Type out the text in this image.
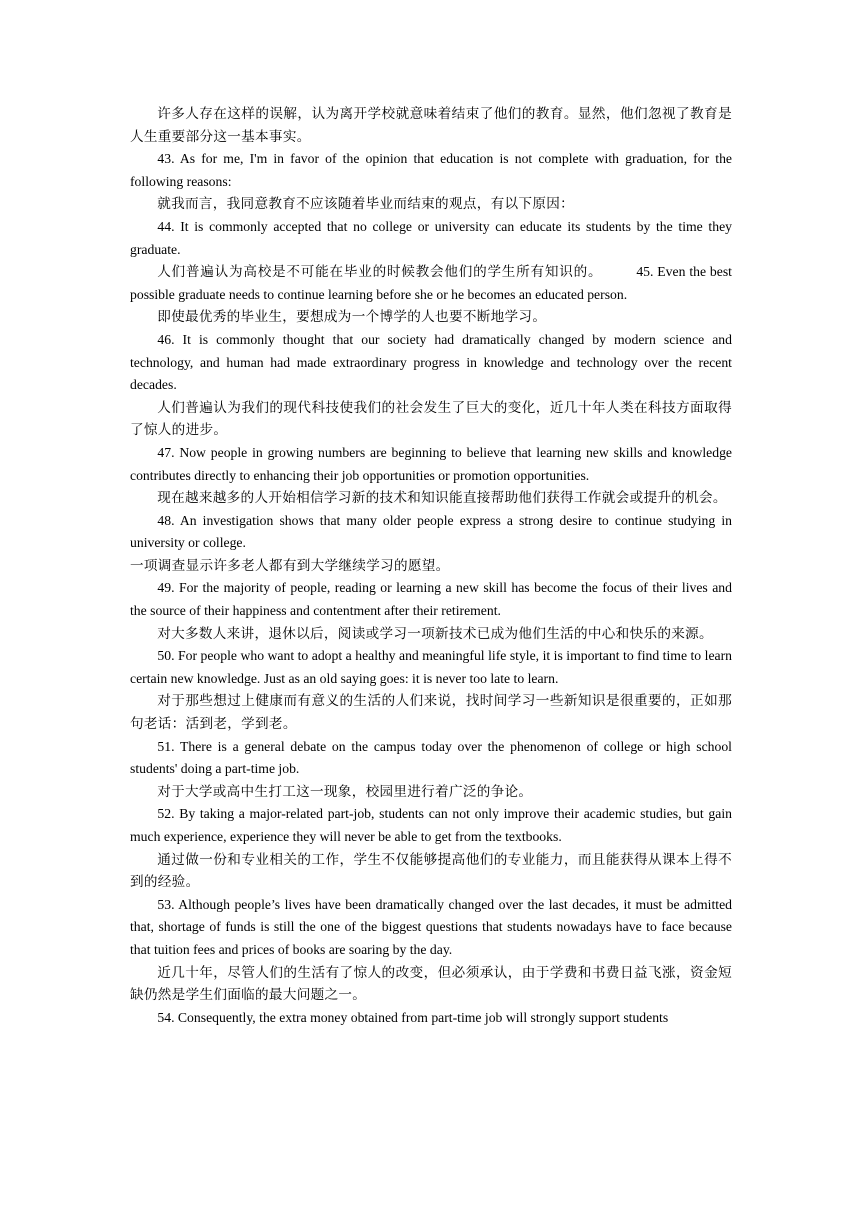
许多人存在这样的误解，认为离开学校就意味着结束了他们的教育。显然，他们忽视了教育是人生重要部分这一基本事实。

43. As for me, I'm in favor of the opinion that education is not complete with graduation, for the following reasons:

就我而言，我同意教育不应该随着毕业而结束的观点，有以下原因：

44. It is commonly accepted that no college or university can educate its students by the time they graduate.

人们普遍认为高校是不可能在毕业的时候教会他们的学生所有知识的。 45. Even the best possible graduate needs to continue learning before she or he becomes an educated person.

即使最优秀的毕业生，要想成为一个博学的人也要不断地学习。

46. It is commonly thought that our society had dramatically changed by modern science and technology, and human had made extraordinary progress in knowledge and technology over the recent decades.

人们普遍认为我们的现代科技使我们的社会发生了巨大的变化，近几十年人类在科技方面取得了惊人的进步。

47. Now people in growing numbers are beginning to believe that learning new skills and knowledge contributes directly to enhancing their job opportunities or promotion opportunities.

现在越来越多的人开始相信学习新的技术和知识能直接帮助他们获得工作就会或提升的机会。

48. An investigation shows that many older people express a strong desire to continue studying in university or college.

一项调查显示许多老人都有到大学继续学习的愿望。

49. For the majority of people, reading or learning a new skill has become the focus of their lives and the source of their happiness and contentment after their retirement.

对大多数人来讲，退休以后，阅读或学习一项新技术已成为他们生活的中心和快乐的来源。

50. For people who want to adopt a healthy and meaningful life style, it is important to find time to learn certain new knowledge. Just as an old saying goes: it is never too late to learn.

对于那些想过上健康而有意义的生活的人们来说，找时间学习一些新知识是很重要的，正如那句老话：活到老，学到老。

51. There is a general debate on the campus today over the phenomenon of college or high school students' doing a part-time job.

对于大学或高中生打工这一现象，校园里进行着广泛的争论。

52. By taking a major-related part-job, students can not only improve their academic studies, but gain much experience, experience they will never be able to get from the textbooks.

通过做一份和专业相关的工作，学生不仅能够提高他们的专业能力，而且能获得从课本上得不到的经验。

53. Although people’s lives have been dramatically changed over the last decades, it must be admitted that, shortage of funds is still the one of the biggest questions that students nowadays have to face because that tuition fees and prices of books are soaring by the day.

近几十年，尽管人们的生活有了惊人的改变，但必须承认，由于学费和书费日益飞涨，资金短缺仍然是学生们面临的最大问题之一。

54. Consequently, the extra money obtained from part-time job will strongly support students
